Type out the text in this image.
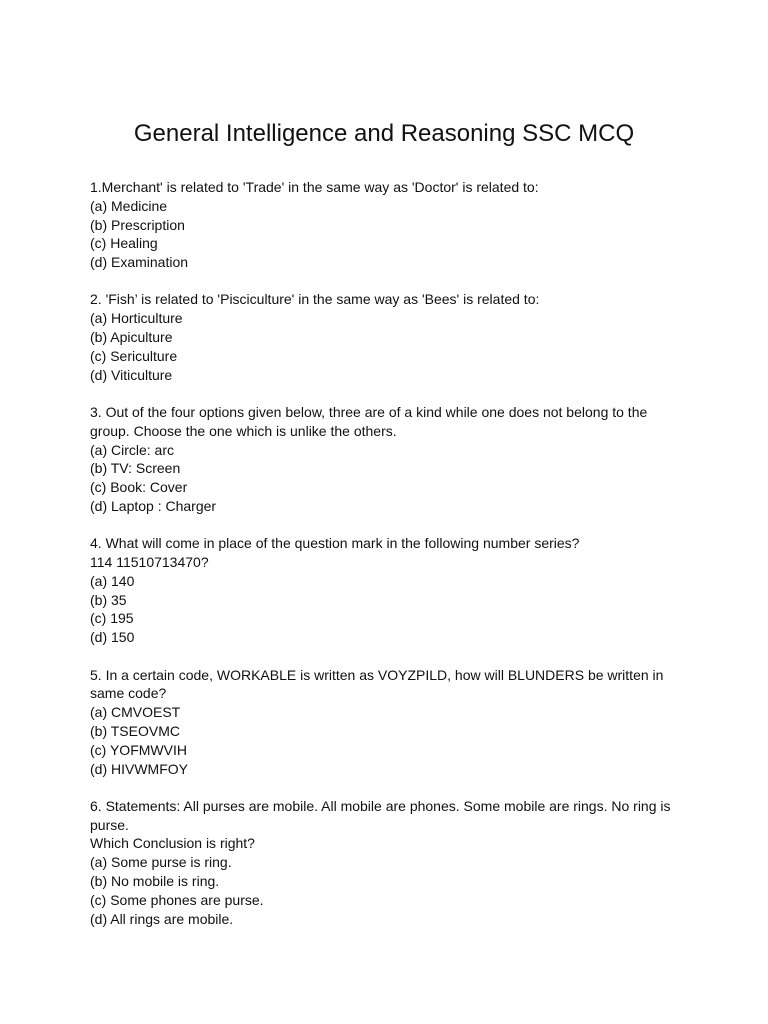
General Intelligence and Reasoning SSC MCQ
1.Merchant' is related to 'Trade' in the same way as 'Doctor' is related to:
(a) Medicine
(b) Prescription
(c) Healing
(d) Examination
2. 'Fish’ is related to 'Pisciculture' in the same way as 'Bees' is related to:
(a) Horticulture
(b) Apiculture
(c) Sericulture
(d) Viticulture
3. Out of the four options given below, three are of a kind while one does not belong to the
group. Choose the one which is unlike the others.
(a) Circle: arc
(b) TV: Screen
(c) Book: Cover
(d) Laptop : Charger
4. What will come in place of the question mark in the following number series?
114 11510713470?
(a) 140
(b) 35
(c) 195
(d) 150
5. In a certain code, WORKABLE is written as VOYZPILD, how will BLUNDERS be written in
same code?
(a) CMVOEST
(b) TSEOVMC
(c) YOFMWVIH
(d) HIVWMFOY
6. Statements: All purses are mobile. All mobile are phones. Some mobile are rings. No ring is
purse.
Which Conclusion is right?
(a) Some purse is ring.
(b) No mobile is ring.
(c) Some phones are purse.
(d) All rings are mobile.
